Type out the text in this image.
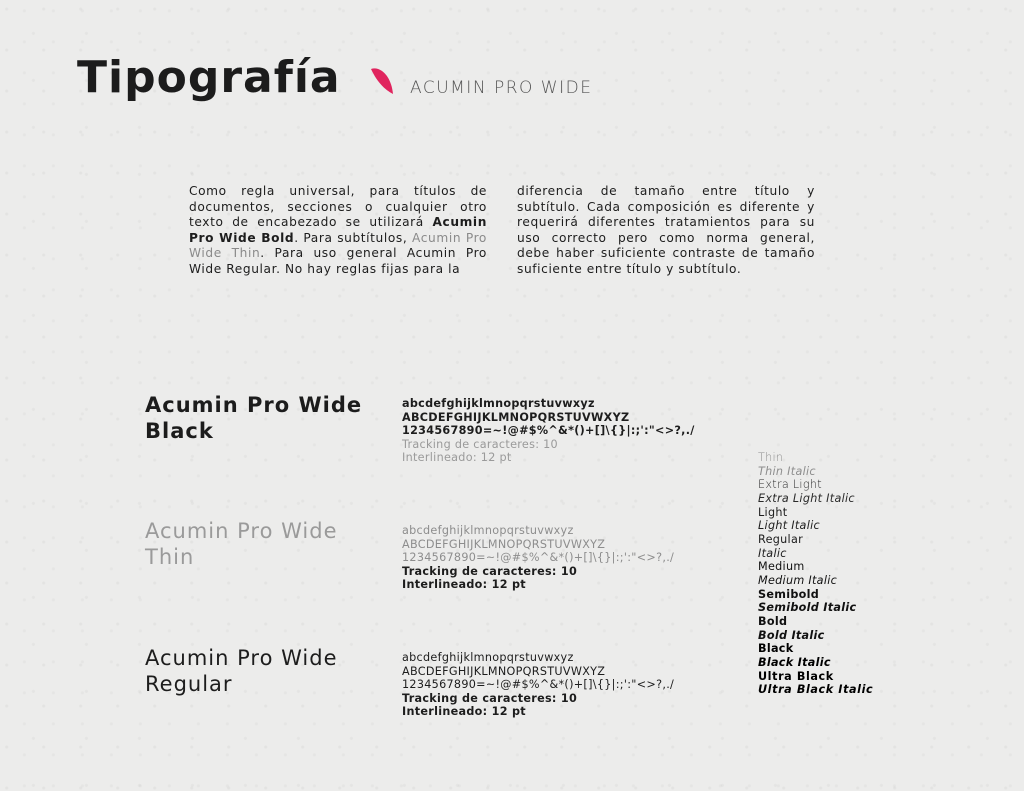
Tipografía	ACUMIN PRO WIDE

Como regla universal, para títulos de documentos, secciones o cualquier otro texto de encabezado se utilizará Acumin Pro Wide Bold. Para subtítulos, Acumin Pro Wide Thin. Para uso general Acumin Pro Wide Regular. No hay reglas fijas para la

diferencia de tamaño entre título y subtítulo. Cada composición es diferente y requerirá diferentes tratamientos para su uso correcto pero como norma general, debe haber suficiente contraste de tamaño suficiente entre título y subtítulo.

Acumin Pro Wide Black
abcdefghijklmnopqrstuvwxyz
ABCDEFGHIJKLMNOPQRSTUVWXYZ
1234567890=~!@#$%^&*()+[]\{}|:;':"<>?,./
Tracking de caracteres: 10
Interlineado: 12 pt
Acumin Pro Wide Thin
abcdefghijklmnopqrstuvwxyz
ABCDEFGHIJKLMNOPQRSTUVWXYZ
1234567890=~!@#$%^&*()+[]\{}|:;':"<>?,./
Tracking de caracteres: 10
Interlineado: 12 pt
Acumin Pro Wide Regular
abcdefghijklmnopqrstuvwxyz
ABCDEFGHIJKLMNOPQRSTUVWXYZ
1234567890=~!@#$%^&*()+[]\{}|:;':"<>?,./
Tracking de caracteres: 10
Interlineado: 12 pt
Thin
Thin Italic
Extra Light
Extra Light Italic
Light
Light Italic
Regular
Italic
Medium
Medium Italic
Semibold
Semibold Italic
Bold
Bold Italic
Black
Black Italic
Ultra Black
Ultra Black Italic
